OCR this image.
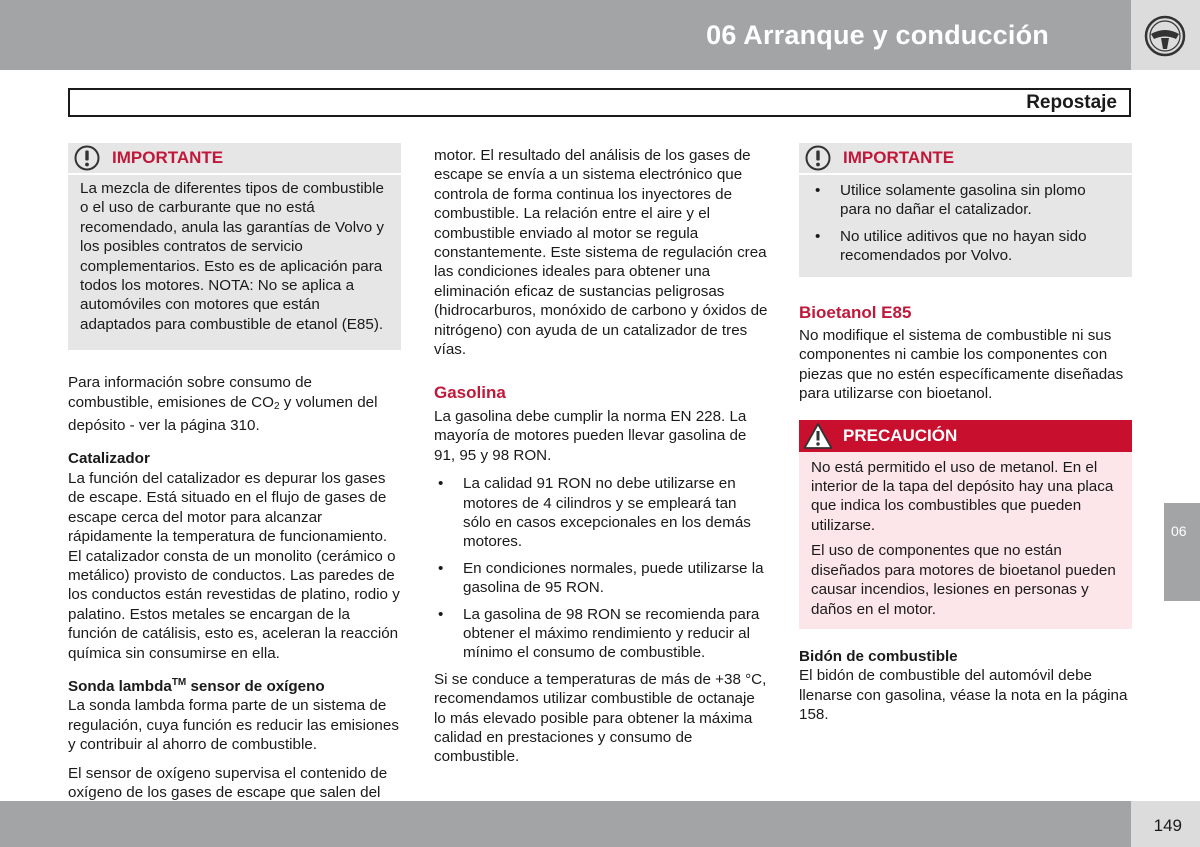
06 Arranque y conducción
Repostaje
IMPORTANTE
La mezcla de diferentes tipos de combustible o el uso de carburante que no está recomendado, anula las garantías de Volvo y los posibles contratos de servicio complementarios. Esto es de aplicación para todos los motores. NOTA: No se aplica a automóviles con motores que están adaptados para combustible de etanol (E85).
Para información sobre consumo de combustible, emisiones de $CO_2$ y volumen del depósito - ver la página 310.
Catalizador
La función del catalizador es depurar los gases de escape. Está situado en el flujo de gases de escape cerca del motor para alcanzar rápidamente la temperatura de funcionamiento. El catalizador consta de un monolito (cerámico o metálico) provisto de conductos. Las paredes de los conductos están revestidas de platino, rodio y palatino. Estos metales se encargan de la función de catálisis, esto es, aceleran la reacción química sin consumirse en ella.
Sonda lambda™ sensor de oxígeno
La sonda lambda forma parte de un sistema de regulación, cuya función es reducir las emisiones y contribuir al ahorro de combustible.
El sensor de oxígeno supervisa el contenido de oxígeno de los gases de escape que salen del
motor. El resultado del análisis de los gases de escape se envía a un sistema electrónico que controla de forma continua los inyectores de combustible. La relación entre el aire y el combustible enviado al motor se regula constantemente. Este sistema de regulación crea las condiciones ideales para obtener una eliminación eficaz de sustancias peligrosas (hidrocarburos, monóxido de carbono y óxidos de nitrógeno) con ayuda de un catalizador de tres vías.
Gasolina
La gasolina debe cumplir la norma EN 228. La mayoría de motores pueden llevar gasolina de 91, 95 y 98 RON.
• La calidad 91 RON no debe utilizarse en motores de 4 cilindros y se empleará tan sólo en casos excepcionales en los demás motores.
• En condiciones normales, puede utilizarse la gasolina de 95 RON.
• La gasolina de 98 RON se recomienda para obtener el máximo rendimiento y reducir al mínimo el consumo de combustible.
Si se conduce a temperaturas de más de +38 °C, recomendamos utilizar combustible de octanaje lo más elevado posible para obtener la máxima calidad en prestaciones y consumo de combustible.
IMPORTANTE
• Utilice solamente gasolina sin plomo para no dañar el catalizador.
• No utilice aditivos que no hayan sido recomendados por Volvo.
Bioetanol E85
No modifique el sistema de combustible ni sus componentes ni cambie los componentes con piezas que no estén específicamente diseñadas para utilizarse con bioetanol.
PRECAUCIÓN
No está permitido el uso de metanol. En el interior de la tapa del depósito hay una placa que indica los combustibles que pueden utilizarse.
El uso de componentes que no están diseñados para motores de bioetanol pueden causar incendios, lesiones en personas y daños en el motor.
Bidón de combustible
El bidón de combustible del automóvil debe llenarse con gasolina, véase la nota en la página 158.
06
149
